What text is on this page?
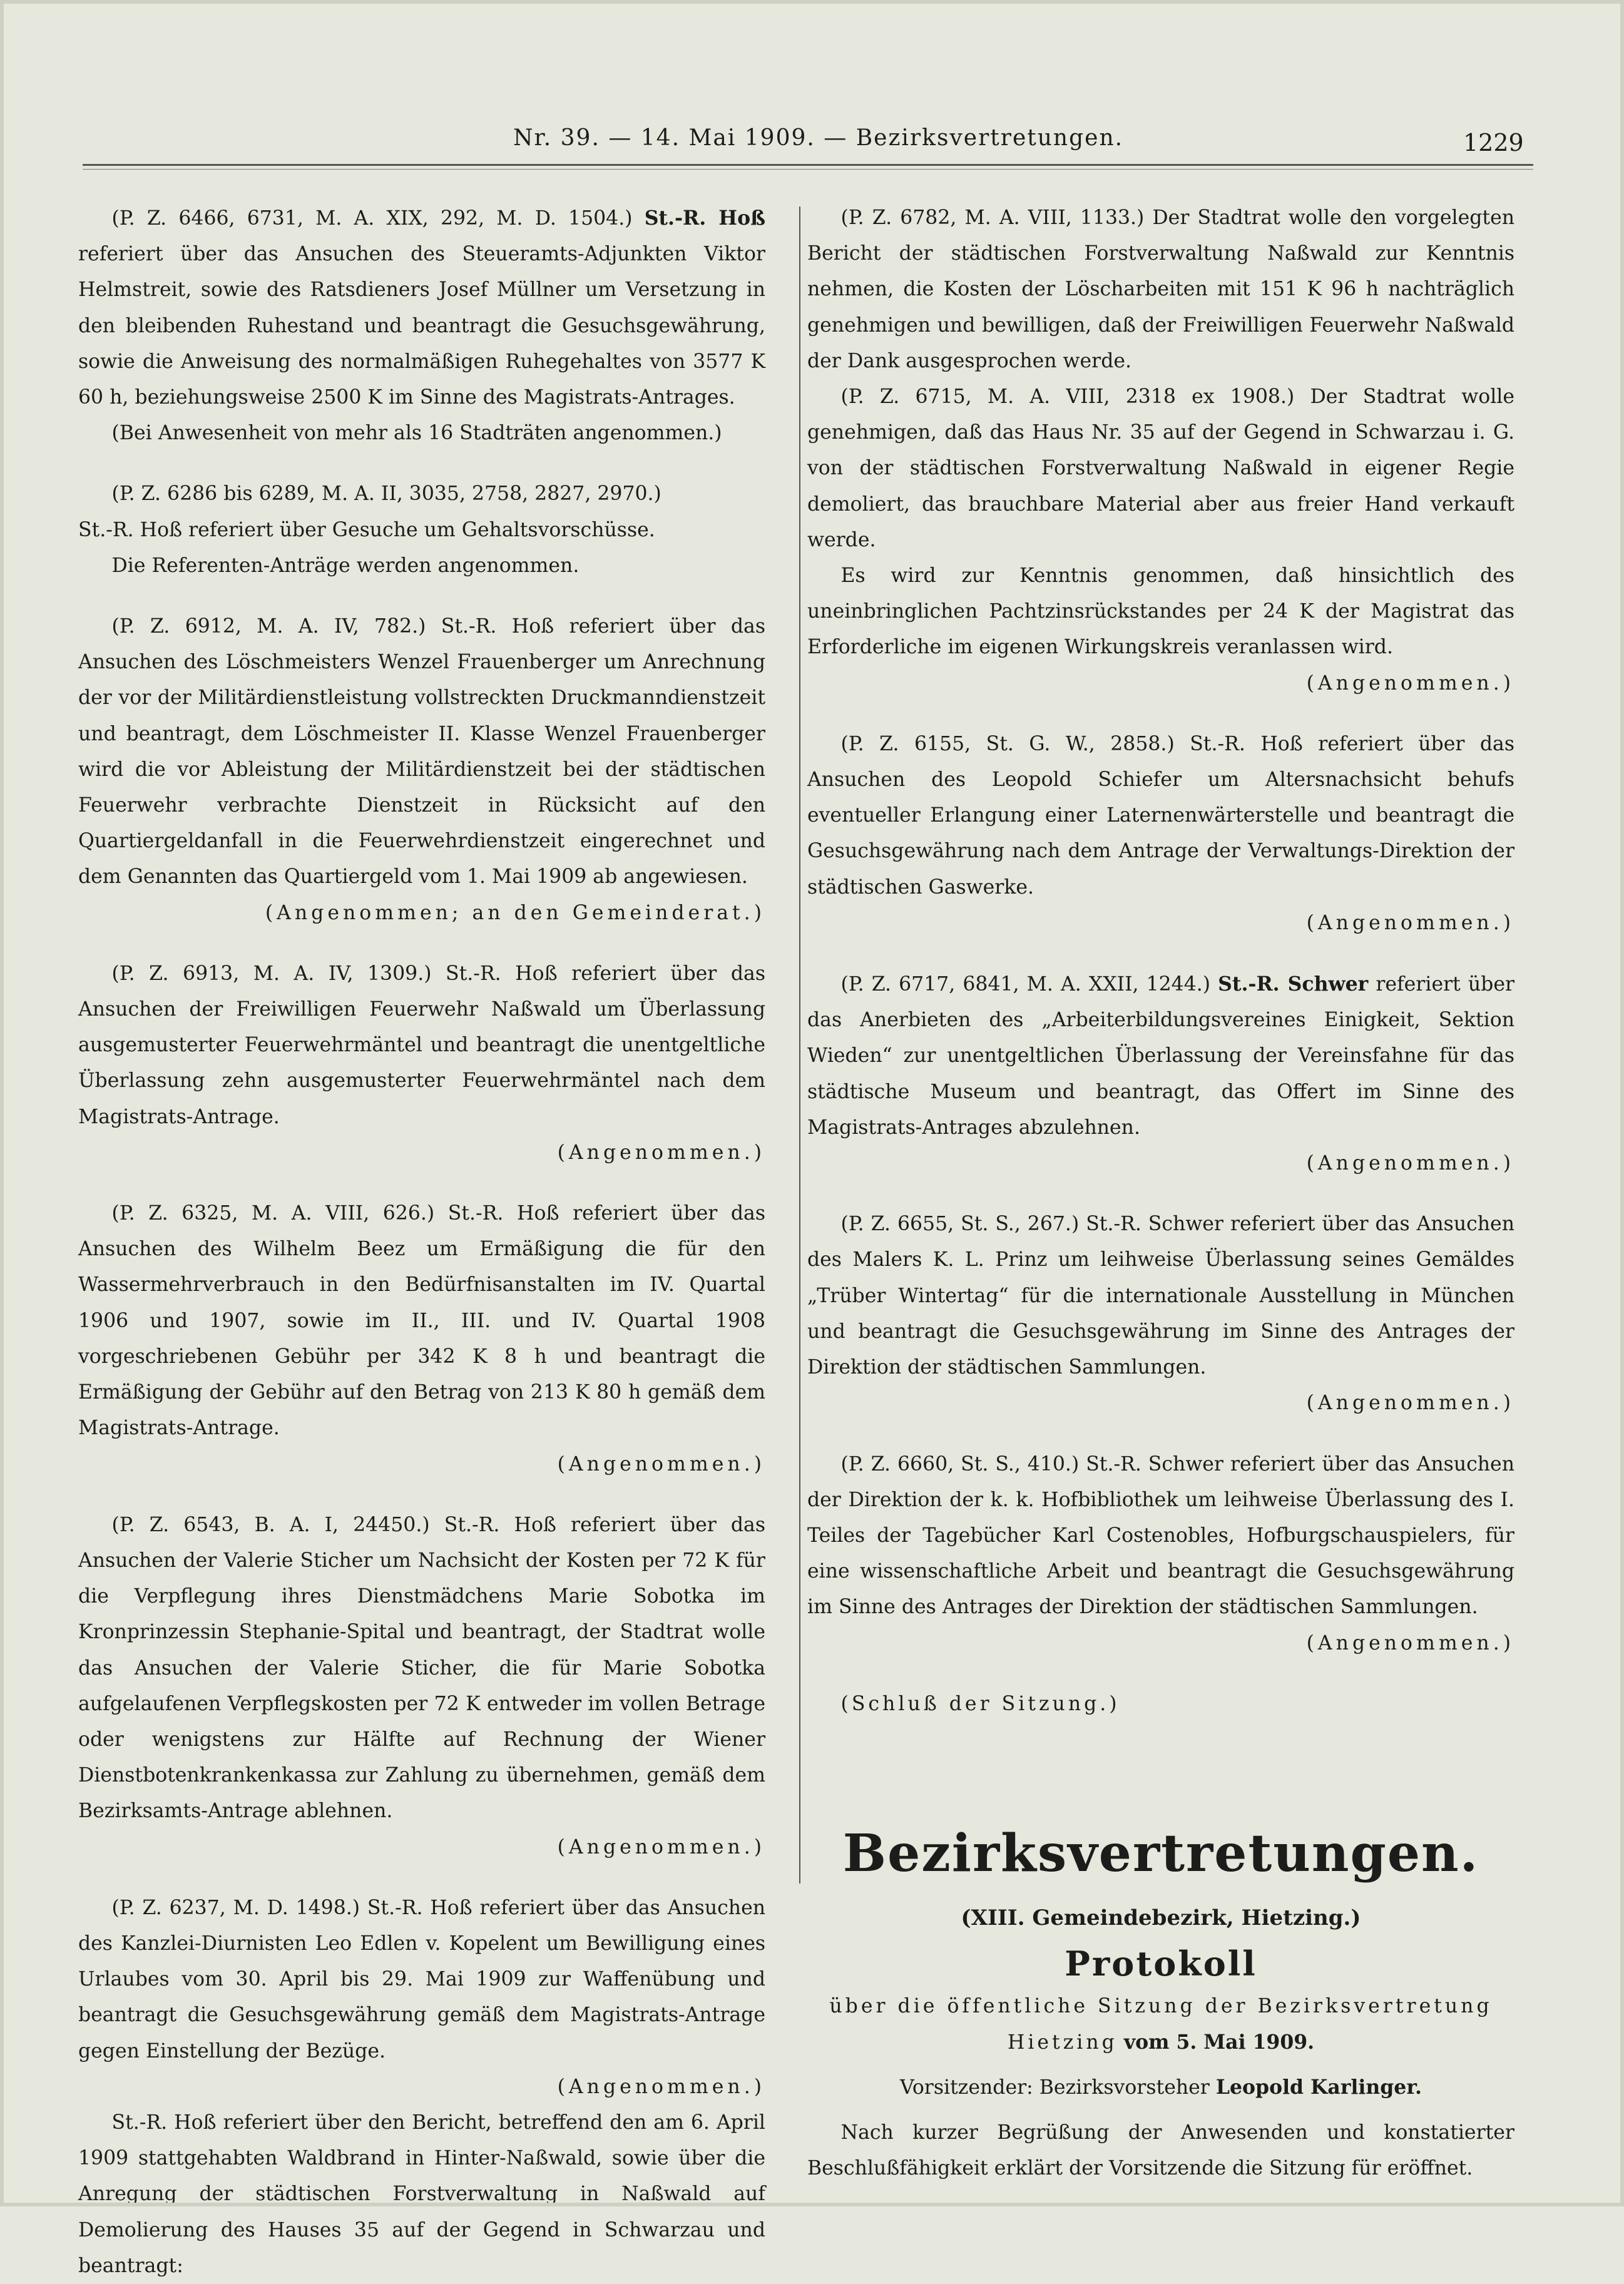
Nr. 39. — 14. Mai 1909. — Bezirksvertretungen.	1229
(P. Z. 6466, 6731, M. A. XIX, 292, M. D. 1504.) St.-R. Hoß referiert über das Ansuchen des Steueramts-Adjunkten Viktor Helmstreit, sowie des Ratsdieners Josef Müllner um Versetzung in den bleibenden Ruhestand und beantragt die Gesuchsgewährung, sowie die Anweisung des normalmäßigen Ruhegehaltes von 3577 K 60 h, beziehungsweise 2500 K im Sinne des Magistrats-Antrages.
(Bei Anwesenheit von mehr als 16 Stadträten angenommen.)
(P. Z. 6286 bis 6289, M. A. II, 3035, 2758, 2827, 2970.)
St.-R. Hoß referiert über Gesuche um Gehaltsvorschüsse.
Die Referenten-Anträge werden angenommen.
(P. Z. 6912, M. A. IV, 782.) St.-R. Hoß referiert über das Ansuchen des Löschmeisters Wenzel Frauenberger um Anrechnung der vor der Militärdienstleistung vollstreckten Druckmanndienstzeit und beantragt, dem Löschmeister II. Klasse Wenzel Frauenberger wird die vor Ableistung der Militärdienstzeit bei der städtischen Feuerwehr verbrachte Dienstzeit in Rücksicht auf den Quartiergeldanfall in die Feuerwehrdienstzeit eingerechnet und dem Genannten das Quartiergeld vom 1. Mai 1909 ab angewiesen.
(Angenommen; an den Gemeinderat.)
(P. Z. 6913, M. A. IV, 1309.) St.-R. Hoß referiert über das Ansuchen der Freiwilligen Feuerwehr Naßwald um Überlassung ausgemusterter Feuerwehrmäntel und beantragt die unentgeltliche Überlassung zehn ausgemusterter Feuerwehrmäntel nach dem Magistrats-Antrage.
(Angenommen.)
(P. Z. 6325, M. A. VIII, 626.) St.-R. Hoß referiert über das Ansuchen des Wilhelm Beez um Ermäßigung die für den Wassermehrverbrauch in den Bedürfnisanstalten im IV. Quartal 1906 und 1907, sowie im II., III. und IV. Quartal 1908 vorgeschriebenen Gebühr per 342 K 8 h und beantragt die Ermäßigung der Gebühr auf den Betrag von 213 K 80 h gemäß dem Magistrats-Antrage.
(Angenommen.)
(P. Z. 6543, B. A. I, 24450.) St.-R. Hoß referiert über das Ansuchen der Valerie Sticher um Nachsicht der Kosten per 72 K für die Verpflegung ihres Dienstmädchens Marie Sobotka im Kronprinzessin Stephanie-Spital und beantragt, der Stadtrat wolle das Ansuchen der Valerie Sticher, die für Marie Sobotka aufgelaufenen Verpflegskosten per 72 K entweder im vollen Betrage oder wenigstens zur Hälfte auf Rechnung der Wiener Dienstbotenkrankenkassa zur Zahlung zu übernehmen, gemäß dem Bezirksamts-Antrage ablehnen.
(Angenommen.)
(P. Z. 6237, M. D. 1498.) St.-R. Hoß referiert über das Ansuchen des Kanzlei-Diurnisten Leo Edlen v. Kopelent um Bewilligung eines Urlaubes vom 30. April bis 29. Mai 1909 zur Waffenübung und beantragt die Gesuchsgewährung gemäß dem Magistrats-Antrage gegen Einstellung der Bezüge.
(Angenommen.)
St.-R. Hoß referiert über den Bericht, betreffend den am 6. April 1909 stattgehabten Waldbrand in Hinter-Naßwald, sowie über die Anregung der städtischen Forstverwaltung in Naßwald auf Demolierung des Hauses 35 auf der Gegend in Schwarzau und beantragt:
(P. Z. 6782, M. A. VIII, 1133.) Der Stadtrat wolle den vorgelegten Bericht der städtischen Forstverwaltung Naßwald zur Kenntnis nehmen, die Kosten der Löscharbeiten mit 151 K 96 h nachträglich genehmigen und bewilligen, daß der Freiwilligen Feuerwehr Naßwald der Dank ausgesprochen werde.
(P. Z. 6715, M. A. VIII, 2318 ex 1908.) Der Stadtrat wolle genehmigen, daß das Haus Nr. 35 auf der Gegend in Schwarzau i. G. von der städtischen Forstverwaltung Naßwald in eigener Regie demoliert, das brauchbare Material aber aus freier Hand verkauft werde.
Es wird zur Kenntnis genommen, daß hinsichtlich des uneinbringlichen Pachtzinsrückstandes per 24 K der Magistrat das Erforderliche im eigenen Wirkungskreis veranlassen wird.
(Angenommen.)
(P. Z. 6155, St. G. W., 2858.) St.-R. Hoß referiert über das Ansuchen des Leopold Schiefer um Altersnachsicht behufs eventueller Erlangung einer Laternenwärterstelle und beantragt die Gesuchsgewährung nach dem Antrage der Verwaltungs-Direktion der städtischen Gaswerke.
(Angenommen.)
(P. Z. 6717, 6841, M. A. XXII, 1244.) St.-R. Schwer referiert über das Anerbieten des „Arbeiterbildungsvereines Einigkeit, Sektion Wieden“ zur unentgeltlichen Überlassung der Vereinsfahne für das städtische Museum und beantragt, das Offert im Sinne des Magistrats-Antrages abzulehnen.
(Angenommen.)
(P. Z. 6655, St. S., 267.) St.-R. Schwer referiert über das Ansuchen des Malers K. L. Prinz um leihweise Überlassung seines Gemäldes „Trüber Wintertag“ für die internationale Ausstellung in München und beantragt die Gesuchsgewährung im Sinne des Antrages der Direktion der städtischen Sammlungen.
(Angenommen.)
(P. Z. 6660, St. S., 410.) St.-R. Schwer referiert über das Ansuchen der Direktion der k. k. Hofbibliothek um leihweise Überlassung des I. Teiles der Tagebücher Karl Costenobles, Hofburgschauspielers, für eine wissenschaftliche Arbeit und beantragt die Gesuchsgewährung im Sinne des Antrages der Direktion der städtischen Sammlungen.
(Angenommen.)
(Schluß der Sitzung.)
Bezirksvertretungen.
(XIII. Gemeindebezirk, Hietzing.)
Protokoll
über die öffentliche Sitzung der Bezirksvertretung
Hietzing vom 5. Mai 1909.
Vorsitzender: Bezirksvorsteher Leopold Karlinger.
Nach kurzer Begrüßung der Anwesenden und konstatierter Beschlußfähigkeit erklärt der Vorsitzende die Sitzung für eröffnet.
